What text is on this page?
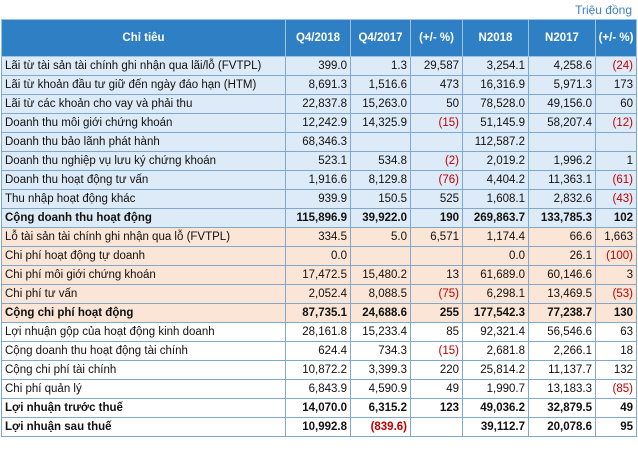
Triệu đồng
Chỉ tiêu	Q4/2018	Q4/2017	(+/- %)	N2018	N2017	(+/- %)
Lãi từ tài sản tài chính ghi nhận qua lãi/lỗ (FVTPL)	399.0	1.3	29,587	3,254.1	4,258.6	(24)
Lãi từ khoản đầu tư giữ đến ngày đáo hạn (HTM)	8,691.3	1,516.6	473	16,316.9	5,971.3	173
Lãi từ các khoản cho vay và phải thu	22,837.8	15,263.0	50	78,528.0	49,156.0	60
Doanh thu môi giới chứng khoán	12,242.9	14,325.9	(15)	51,145.9	58,207.4	(12)
Doanh thu bảo lãnh phát hành	68,346.3			112,587.2		
Doanh thu nghiệp vụ lưu ký chứng khoán	523.1	534.8	(2)	2,019.2	1,996.2	1
Doanh thu hoạt động tư vấn	1,916.6	8,129.8	(76)	4,404.2	11,363.1	(61)
Thu nhập hoạt động khác	939.9	150.5	525	1,608.1	2,832.6	(43)
Cộng doanh thu hoạt động	115,896.9	39,922.0	190	269,863.7	133,785.3	102
Lỗ tài sản tài chính ghi nhận qua lỗ (FVTPL)	334.5	5.0	6,571	1,174.4	66.6	1,663
Chi phí hoạt động tự doanh	0.0			0.0	26.1	(100)
Chi phí môi giới chứng khoán	17,472.5	15,480.2	13	61,689.0	60,146.6	3
Chi phí tư vấn	2,052.4	8,088.5	(75)	6,298.1	13,469.5	(53)
Cộng chi phí hoạt động	87,735.1	24,688.6	255	177,542.3	77,238.7	130
Lợi nhuận gộp của hoạt động kinh doanh	28,161.8	15,233.4	85	92,321.4	56,546.6	63
Cộng doanh thu hoạt động tài chính	624.4	734.3	(15)	2,681.8	2,266.1	18
Cộng chi phí tài chính	10,872.2	3,399.3	220	25,814.2	11,137.7	132
Chi phí quản lý	6,843.9	4,590.9	49	1,990.7	13,183.3	(85)
Lợi nhuận trước thuế	14,070.0	6,315.2	123	49,036.2	32,879.5	49
Lợi nhuận sau thuế	10,992.8	(839.6)		39,112.7	20,078.6	95
